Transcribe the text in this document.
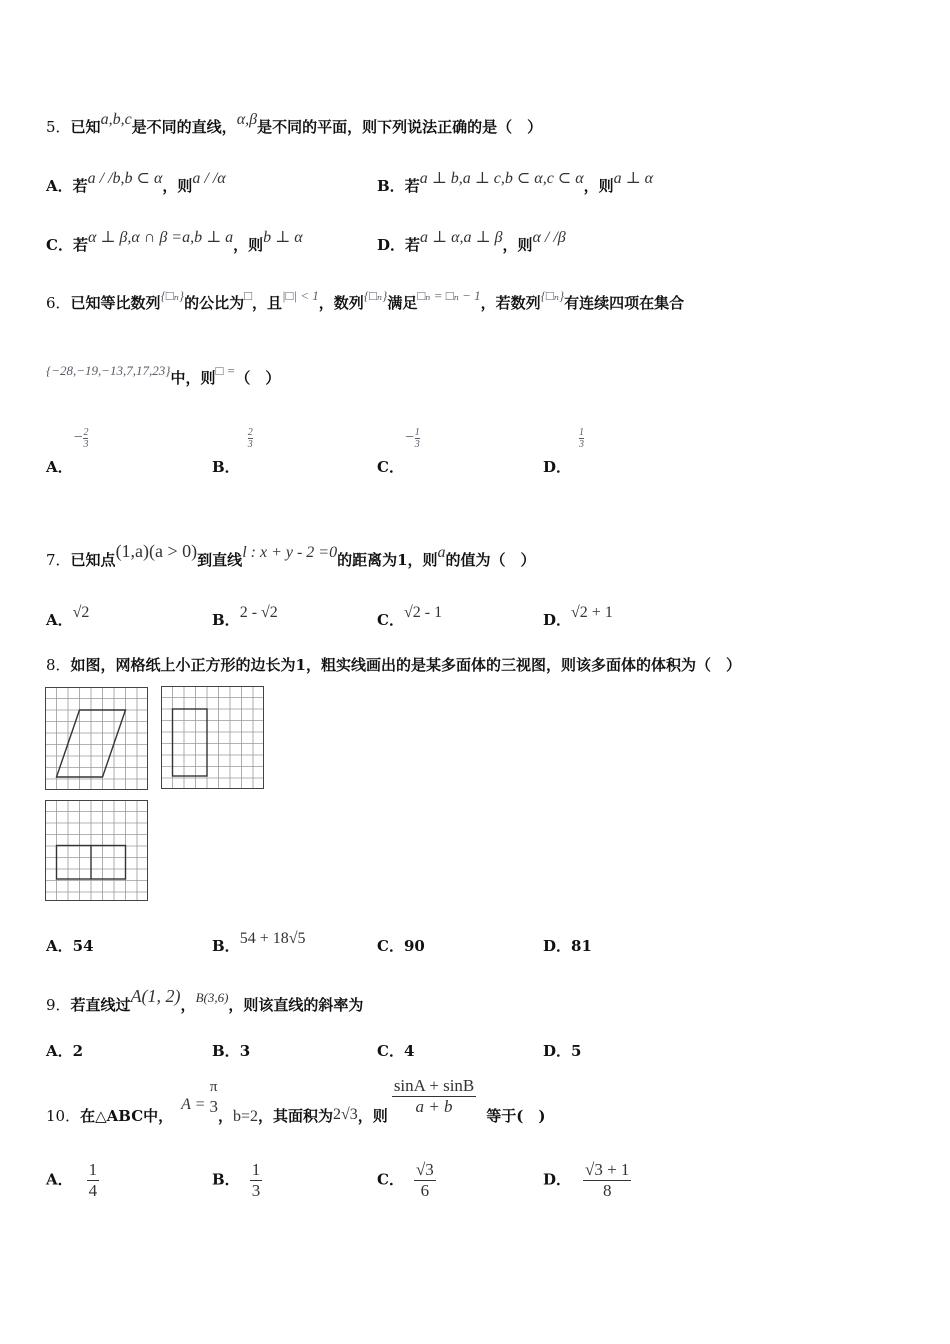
5．已知a,b,c是不同的直线，α,β是不同的平面，则下列说法正确的是（　）
A．若a / /b,b ⊂ α，则a / /α	B．若a ⊥ b,a ⊥ c,b ⊂ α,c ⊂ α，则a ⊥ α
C．若α ⊥ β,α ∩ β =a,b ⊥ a，则b ⊥ α	D．若a ⊥ α,a ⊥ β，则α / /β
6．已知等比数列{□ₙ}的公比为□，且|□| < 1，数列{□ₙ}满足□ₙ = □ₙ − 1，若数列{□ₙ}有连续四项在集合
{−28,−19,−13,7,17,23}中，则□ =（　）
A．− $\frac{2}{3}$
B．
$\frac{2}{3}$
C．− $\frac{1}{3}$
D．
$\frac{1}{3}$
7．已知点(1,a)(a > 0)到直线l : x + y - 2 =0的距离为1，则a的值为（　）
A．√2	B．2 - √2	C．√2 - 1	D．√2 + 1
8．如图，网格纸上小正方形的边长为1，粗实线画出的是某多面体的三视图，则该多面体的体积为（　）
A．54	B．54 + 18√5	C．90	D．81
9．若直线过A(1, 2)，B(3,6)，则该直线的斜率为
A．2	B．3	C．4	D．5
10．在△ABC中，A =
π
3 ，b=2，其面积为2√3，则 $\frac{\sin A + \sin B}{a + b}$ 等于(　)
A． $\frac{1}{4}$	B． $\frac{1}{3}$	C． $\frac{√3}{6}$	D． $\frac{√3 + 1}{8}$
